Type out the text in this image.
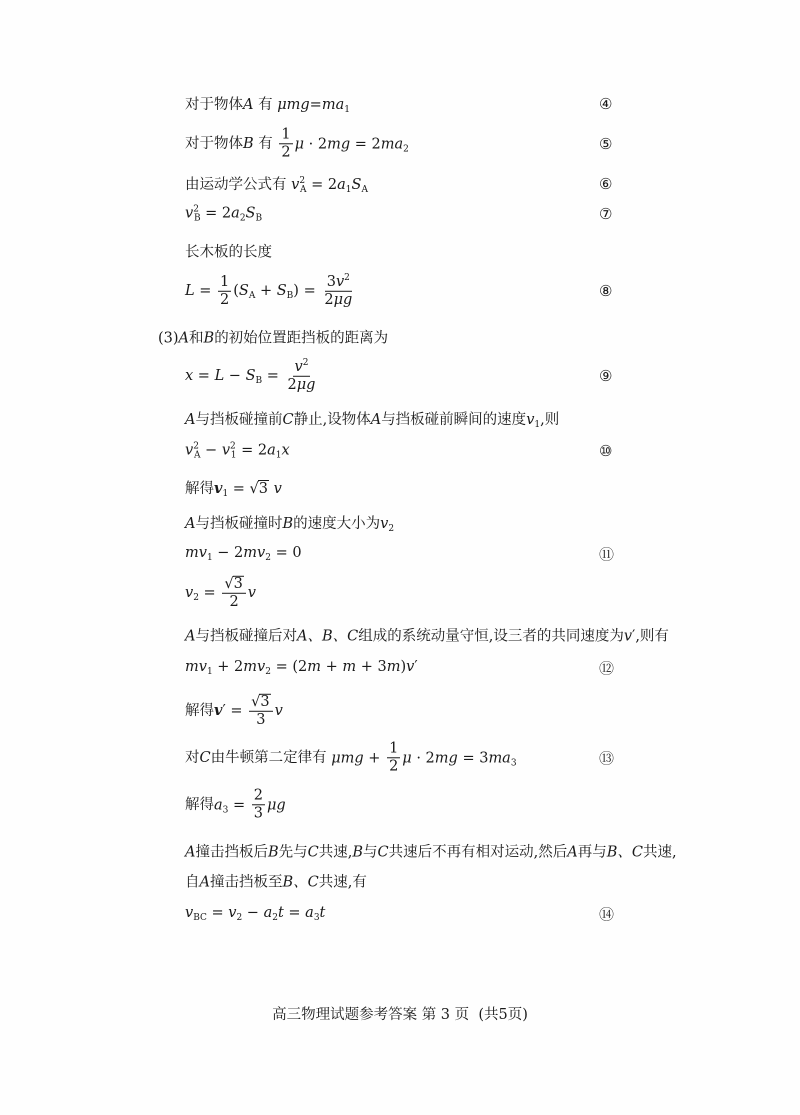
对于物体A 有 $\mu mg=ma_1$	④
对于物体B 有 $\frac{1}{2}$ $\mu \cdot 2mg = 2ma_2$	⑤
由运动学公式有 $v^2_A = 2a_1S_A$	⑥
$v^2_B = 2a_2S_B$	⑦
长木板的长度
$L = \frac{1}{2} (S_A + S_B) = \frac{3v^2}{2\mu g}$	⑧
(3)A和B的初始位置距挡板的距离为
$x = L - S_B = \frac{v^2}{2\mu g}$	⑨
A与挡板碰撞前C静止,设物体A与挡板碰前瞬间的速度$v_1$,则
$v^2_A - v^2_1 = 2a_1x$	⑩
解得$v_1$ = √ 3 v
A与挡板碰撞时B的速度大小为$v_2$
$mv_1 - 2mv_2 = 0$	⑪
$v_2 = \frac{√ 3}{2}$ v
A与挡板碰撞后对A、B、C组成的系统动量守恒,设三者的共同速度为v′,则有
$mv_1 + 2mv_2 = (2m + m + 3m)v'$	⑫
解得$v' = \frac{√ 3}{3}$ v
对C由牛顿第二定律有 $\mu mg + \frac{1}{2}$ $\mu \cdot 2mg = 3ma_3$	⑬
解得$a_3 = \frac{2}{3}$ μg
A撞击挡板后B先与C共速,B与C共速后不再有相对运动,然后A再与B、C共速,
自A撞击挡板至B、C共速,有
$v_{BC} = v_2 - a_2t = a_3t$	⑭
高三物理试题参考答案 第 3 页 (共5页)
